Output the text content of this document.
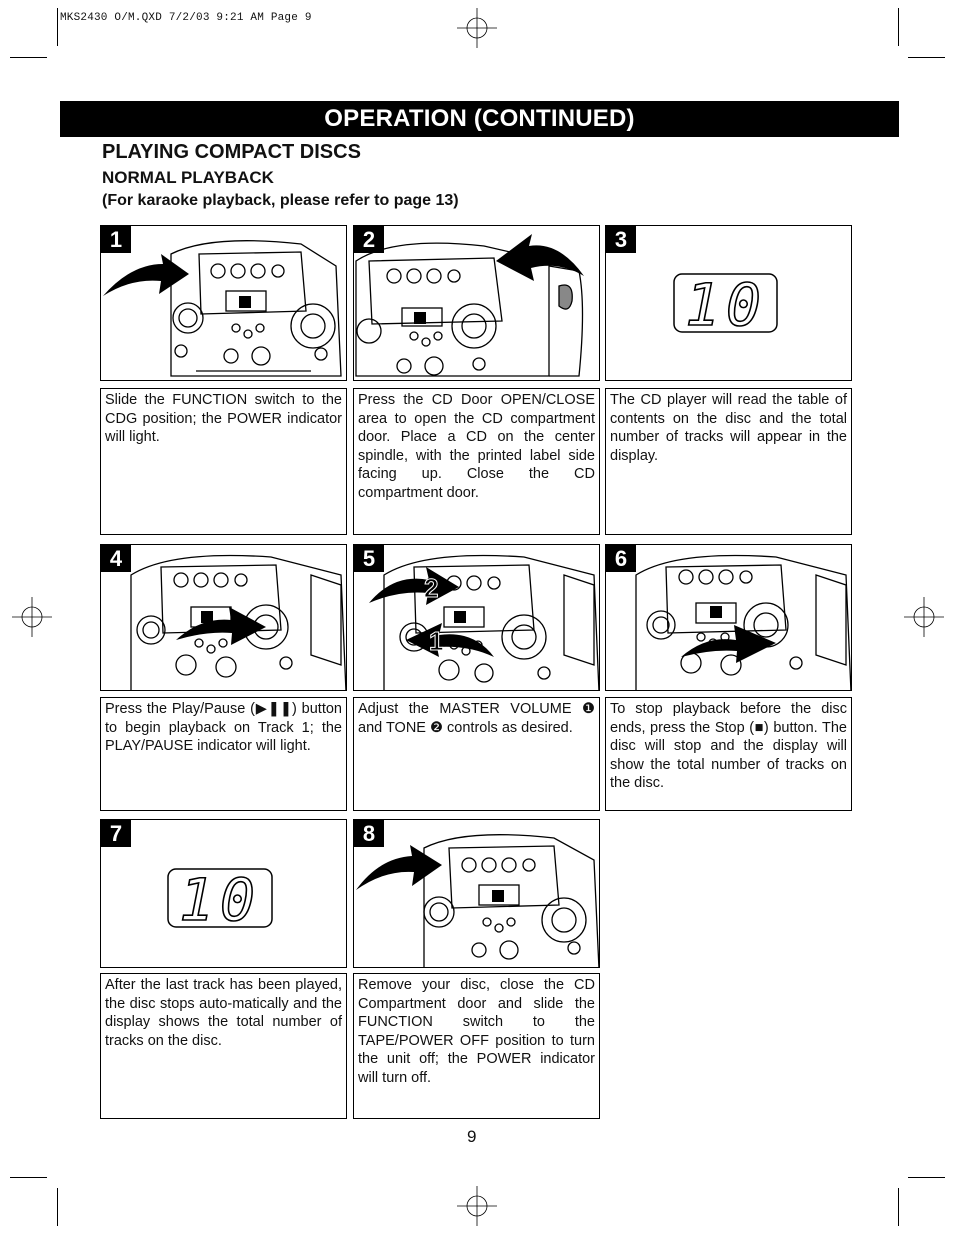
MKS2430 O/M.QXD 7/2/03 9:21 AM Page 9
OPERATION (CONTINUED)
PLAYING COMPACT DISCS
NORMAL PLAYBACK
(For karaoke playback, please refer to page 13)
1
Slide the FUNCTION switch to the CDG position; the POWER indicator will light.
2
Press the CD Door OPEN/CLOSE area to open the CD compartment door. Place a CD on the center spindle, with the printed label side facing up. Close the CD compartment door.
3
10
The CD player will read the table of contents on the disc and the total number of tracks will appear in the display.
4
Press the Play/Pause (▶❚❚) button to begin playback on Track 1; the PLAY/PAUSE indicator will light.
5
2
1
Adjust the MASTER VOLUME ❶ and TONE ❷ controls as desired.
6
To stop playback before the disc ends, press the Stop (■) button. The disc will stop and the display will show the total number of tracks on the disc.
7
10
After the last track has been played, the disc stops auto-matically and the display shows the total number of tracks on the disc.
8
Remove your disc, close the CD Compartment door and slide the FUNCTION switch to the TAPE/POWER OFF position to turn the unit off; the POWER indicator will turn off.
9
